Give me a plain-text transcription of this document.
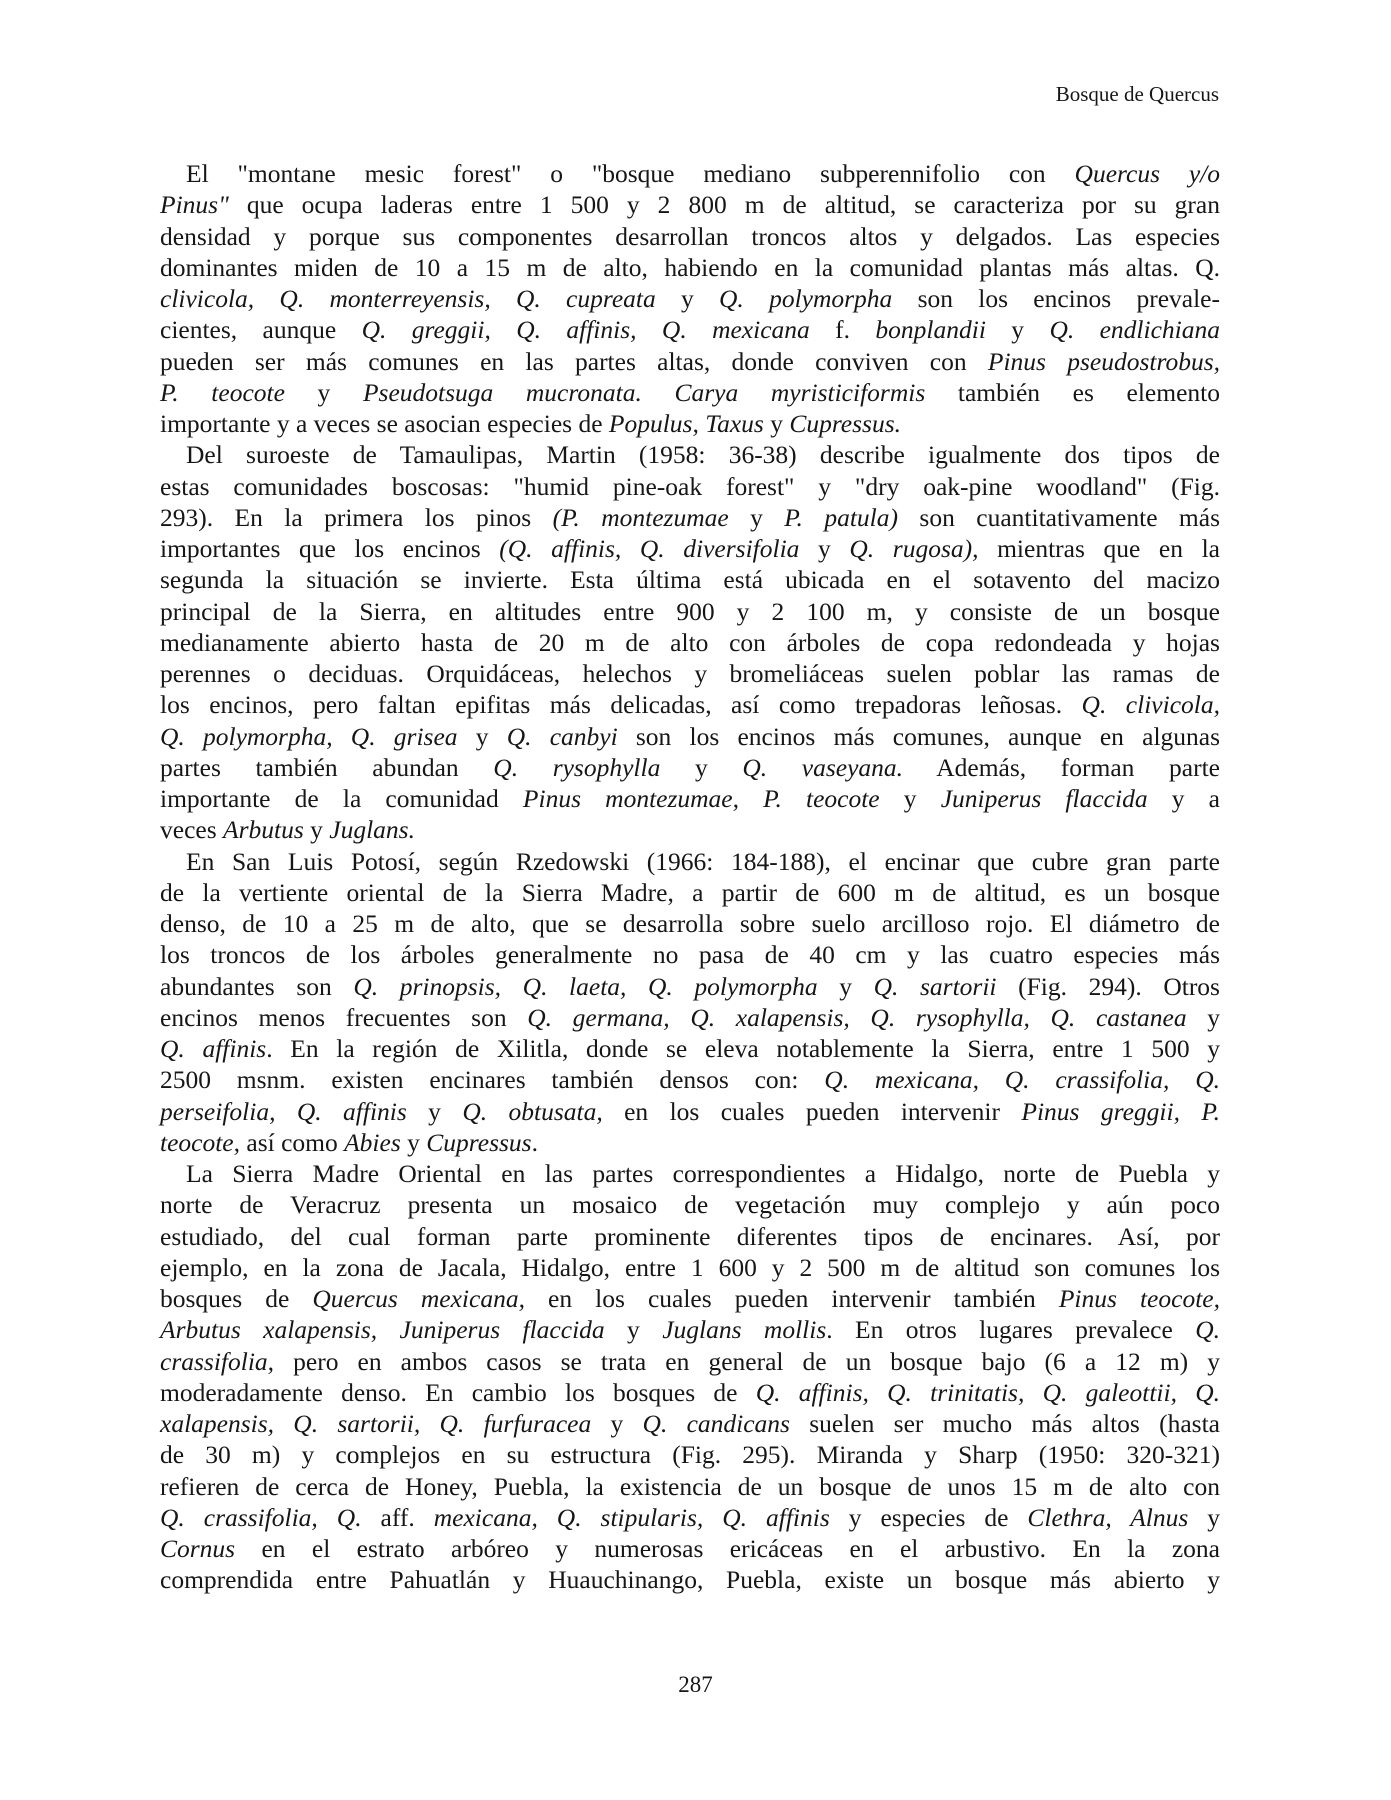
Bosque de Quercus
El "montane mesic forest" o "bosque mediano subperennifolio con Quercus y/o
Pinus" que ocupa laderas entre 1 500 y 2 800 m de altitud, se caracteriza por su gran
densidad y porque sus componentes desarrollan troncos altos y delgados. Las especies
dominantes miden de 10 a 15 m de alto, habiendo en la comunidad plantas más altas. Q.
clivicola, Q. monterreyensis, Q. cupreata y Q. polymorpha son los encinos prevale-
cientes, aunque Q. greggii, Q. affinis, Q. mexicana f. bonplandii y Q. endlichiana
pueden ser más comunes en las partes altas, donde conviven con Pinus pseudostrobus,
P. teocote y Pseudotsuga mucronata. Carya myristiciformis también es elemento
importante y a veces se asocian especies de Populus, Taxus y Cupressus.
Del suroeste de Tamaulipas, Martin (1958: 36-38) describe igualmente dos tipos de
estas comunidades boscosas: "humid pine-oak forest" y "dry oak-pine woodland" (Fig.
293). En la primera los pinos (P. montezumae y P. patula) son cuantitativamente más
importantes que los encinos (Q. affinis, Q. diversifolia y Q. rugosa), mientras que en la
segunda la situación se invierte. Esta última está ubicada en el sotavento del macizo
principal de la Sierra, en altitudes entre 900 y 2 100 m, y consiste de un bosque
medianamente abierto hasta de 20 m de alto con árboles de copa redondeada y hojas
perennes o deciduas. Orquidáceas, helechos y bromeliáceas suelen poblar las ramas de
los encinos, pero faltan epifitas más delicadas, así como trepadoras leñosas. Q. clivicola,
Q. polymorpha, Q. grisea y Q. canbyi son los encinos más comunes, aunque en algunas
partes también abundan Q. rysophylla y Q. vaseyana. Además, forman parte
importante de la comunidad Pinus montezumae, P. teocote y Juniperus flaccida y a
veces Arbutus y Juglans.
En San Luis Potosí, según Rzedowski (1966: 184-188), el encinar que cubre gran parte
de la vertiente oriental de la Sierra Madre, a partir de 600 m de altitud, es un bosque
denso, de 10 a 25 m de alto, que se desarrolla sobre suelo arcilloso rojo. El diámetro de
los troncos de los árboles generalmente no pasa de 40 cm y las cuatro especies más
abundantes son Q. prinopsis, Q. laeta, Q. polymorpha y Q. sartorii (Fig. 294). Otros
encinos menos frecuentes son Q. germana, Q. xalapensis, Q. rysophylla, Q. castanea y
Q. affinis. En la región de Xilitla, donde se eleva notablemente la Sierra, entre 1 500 y
2500 msnm. existen encinares también densos con: Q. mexicana, Q. crassifolia, Q.
perseifolia, Q. affinis y Q. obtusata, en los cuales pueden intervenir Pinus greggii, P.
teocote, así como Abies y Cupressus.
La Sierra Madre Oriental en las partes correspondientes a Hidalgo, norte de Puebla y
norte de Veracruz presenta un mosaico de vegetación muy complejo y aún poco
estudiado, del cual forman parte prominente diferentes tipos de encinares. Así, por
ejemplo, en la zona de Jacala, Hidalgo, entre 1 600 y 2 500 m de altitud son comunes los
bosques de Quercus mexicana, en los cuales pueden intervenir también Pinus teocote,
Arbutus xalapensis, Juniperus flaccida y Juglans mollis. En otros lugares prevalece Q.
crassifolia, pero en ambos casos se trata en general de un bosque bajo (6 a 12 m) y
moderadamente denso. En cambio los bosques de Q. affinis, Q. trinitatis, Q. galeottii, Q.
xalapensis, Q. sartorii, Q. furfuracea y Q. candicans suelen ser mucho más altos (hasta
de 30 m) y complejos en su estructura (Fig. 295). Miranda y Sharp (1950: 320-321)
refieren de cerca de Honey, Puebla, la existencia de un bosque de unos 15 m de alto con
Q. crassifolia, Q. aff. mexicana, Q. stipularis, Q. affinis y especies de Clethra, Alnus y
Cornus en el estrato arbóreo y numerosas ericáceas en el arbustivo. En la zona
comprendida entre Pahuatlán y Huauchinango, Puebla, existe un bosque más abierto y
287
